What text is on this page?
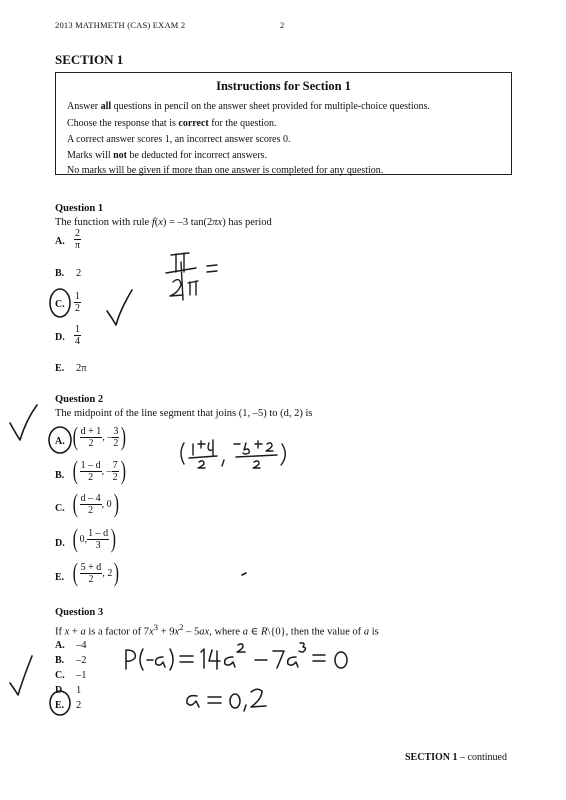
2013 MATHMETH (CAS) EXAM 2	2
SECTION 1
Instructions for Section 1
Answer all questions in pencil on the answer sheet provided for multiple-choice questions.
Choose the response that is correct for the question.
A correct answer scores 1, an incorrect answer scores 0.
Marks will not be deducted for incorrect answers.
No marks will be given if more than one answer is completed for any question.
Question 1
The function with rule f(x) = –3 tan(2πx) has period
A. $\frac{2}{\pi}$
B. 2
C. $\frac{1}{2}$
D. $\frac{1}{4}$
E. 2π
Question 2
The midpoint of the line segment that joins (1, –5) to (d, 2) is
A. ( $\frac{d + 1}{2}$ , – $\frac{3}{2}$ )
B. ( $\frac{1 - d}{2}$ , – $\frac{7}{2}$ )
C. ( $\frac{d - 4}{2}$ , 0 )
D. ( 0, $\frac{1 - d}{3}$ )
E. ( $\frac{5 + d}{2}$ , 2 )
Question 3
If x + a is a factor of $7x^3 + 9x^2 - 5ax$, where a ∈ R\{0}, then the value of a is
A. –4
B. –2
C. –1
D. 1
E. 2
SECTION 1 – continued
